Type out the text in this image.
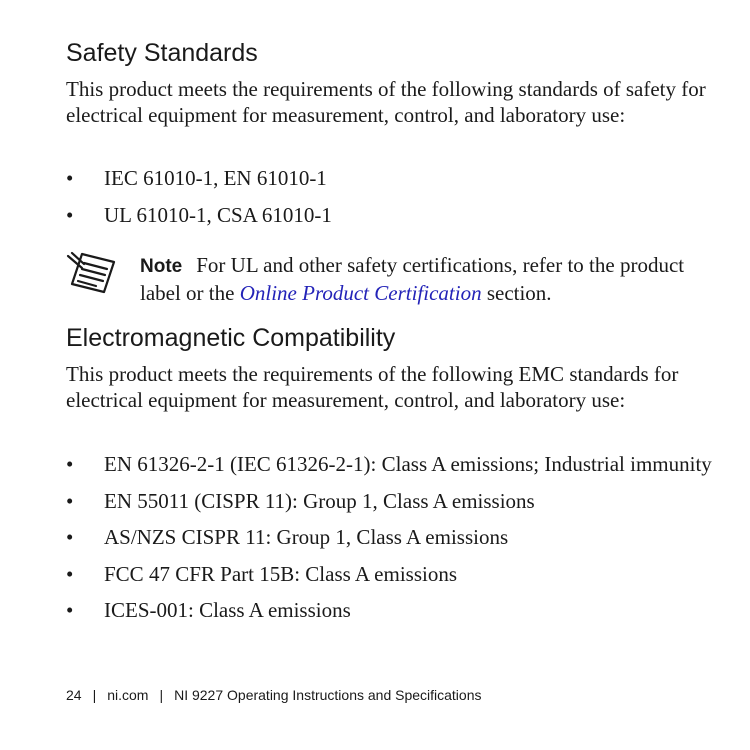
Safety Standards

This product meets the requirements of the following standards of safety for electrical equipment for measurement, control, and laboratory use:

• IEC 61010-1, EN 61010-1
• UL 61010-1, CSA 61010-1

Note For UL and other safety certifications, refer to the product label or the Online Product Certification section.

Electromagnetic Compatibility

This product meets the requirements of the following EMC standards for electrical equipment for measurement, control, and laboratory use:

• EN 61326-2-1 (IEC 61326-2-1): Class A emissions; Industrial immunity
• EN 55011 (CISPR 11): Group 1, Class A emissions
• AS/NZS CISPR 11: Group 1, Class A emissions
• FCC 47 CFR Part 15B: Class A emissions
• ICES-001: Class A emissions
24 | ni.com | NI 9227 Operating Instructions and Specifications
